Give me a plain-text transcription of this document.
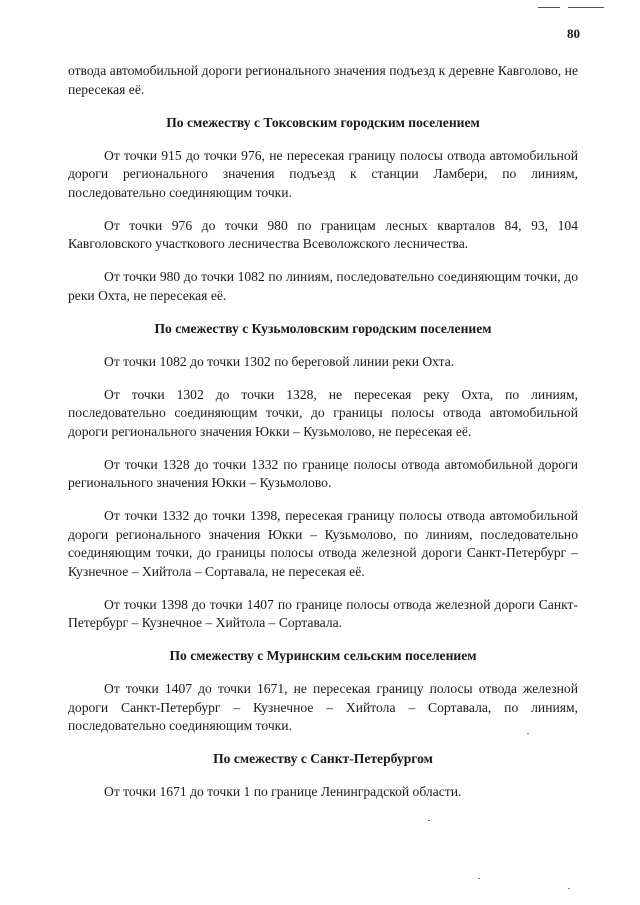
80

отвода автомобильной дороги регионального значения подъезд к деревне Кавголово, не пересекая её.

По смежеству с Токсовским городским поселением

От точки 915 до точки 976, не пересекая границу полосы отвода автомобильной дороги регионального значения подъезд к станции Ламбери, по линиям, последовательно соединяющим точки.

От точки 976 до точки 980 по границам лесных кварталов 84, 93, 104 Кавголовского участкового лесничества Всеволожского лесничества.

От точки 980 до точки 1082 по линиям, последовательно соединяющим точки, до реки Охта, не пересекая её.

По смежеству с Кузьмоловским городским поселением

От точки 1082 до точки 1302 по береговой линии реки Охта.

От точки 1302 до точки 1328, не пересекая реку Охта, по линиям, последовательно соединяющим точки, до границы полосы отвода автомобильной дороги регионального значения Юкки – Кузьмолово, не пересекая её.

От точки 1328 до точки 1332 по границе полосы отвода автомобильной дороги регионального значения Юкки – Кузьмолово.

От точки 1332 до точки 1398, пересекая границу полосы отвода автомобильной дороги регионального значения Юкки – Кузьмолово, по линиям, последовательно соединяющим точки, до границы полосы отвода железной дороги Санкт-Петербург – Кузнечное – Хийтола – Сортавала, не пересекая её.

От точки 1398 до точки 1407 по границе полосы отвода железной дороги Санкт-Петербург – Кузнечное – Хийтола – Сортавала.

По смежеству с Муринским сельским поселением

От точки 1407 до точки 1671, не пересекая границу полосы отвода железной дороги Санкт-Петербург – Кузнечное – Хийтола – Сортавала, по линиям, последовательно соединяющим точки.

По смежеству с Санкт-Петербургом

От точки 1671 до точки 1 по границе Ленинградской области.
